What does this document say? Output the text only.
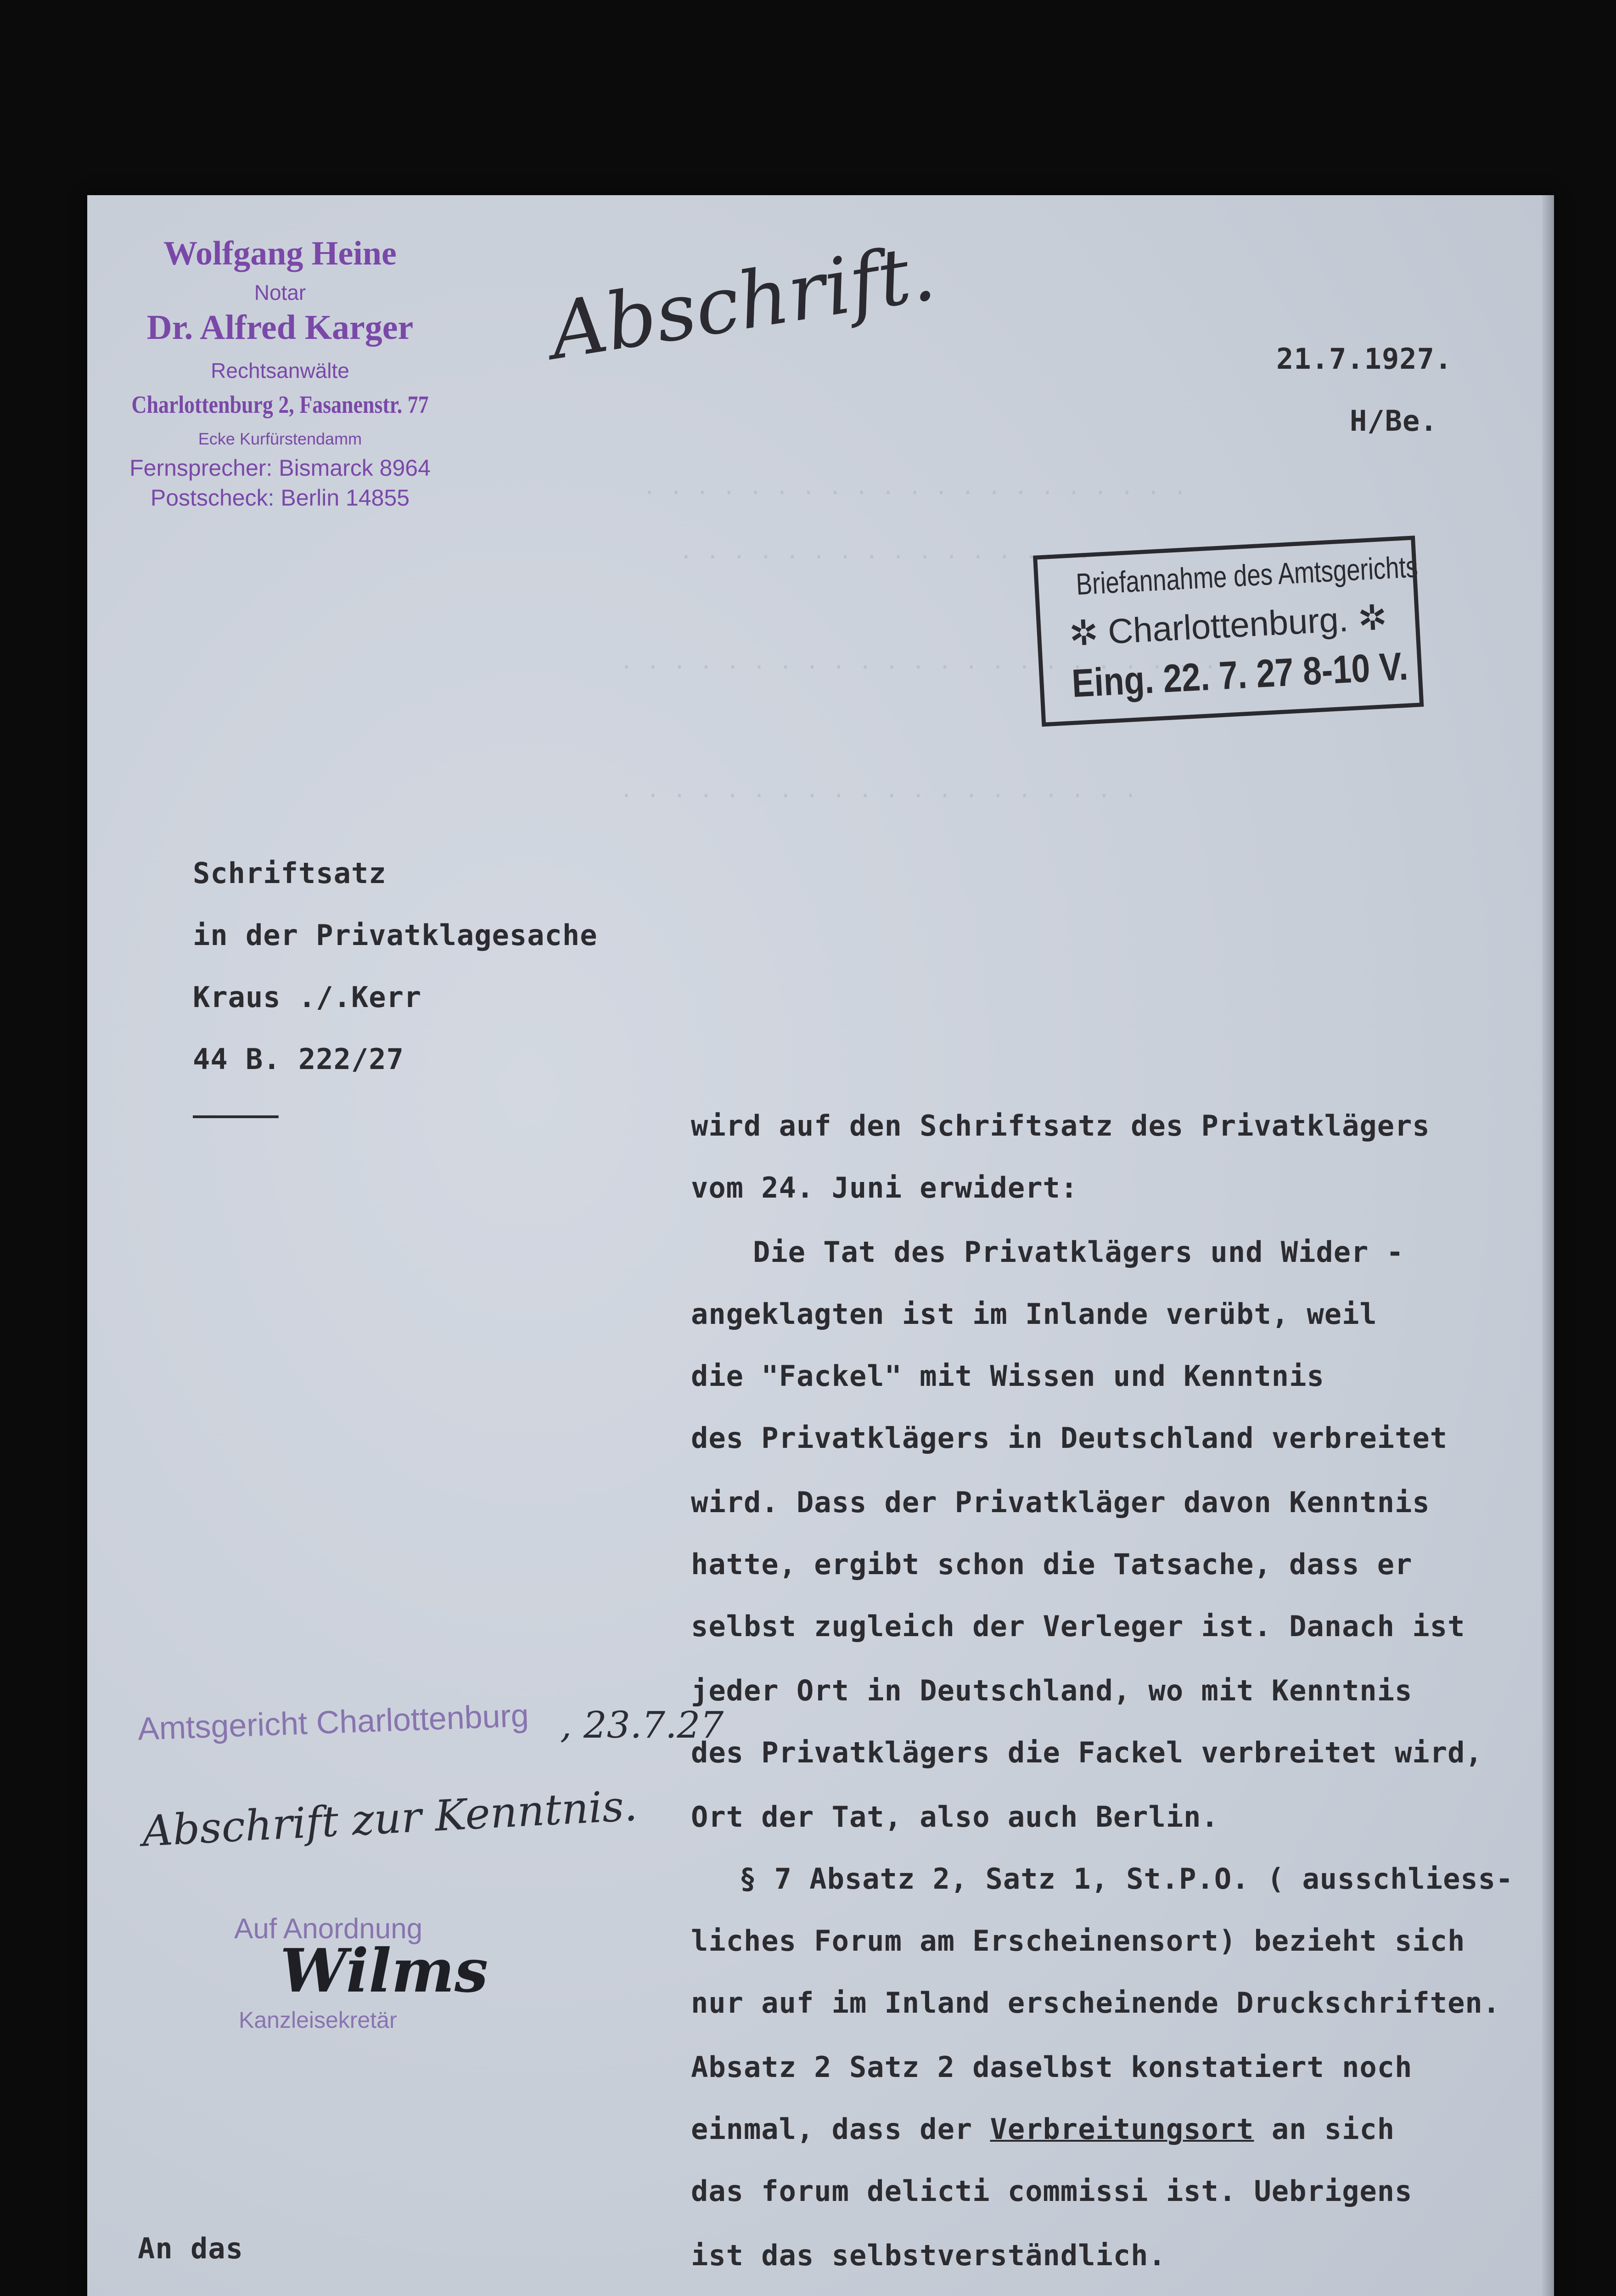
· · · · · · · · · · · · · · · · · · · · ·
· · · · · · · · · · · · · · · ·
· · · · · · · · · · · · · · · · · · · · · · ·
· · · · · · · · · · · · · · · · · · · ·
Wolfgang Heine
Notar
Dr. Alfred Karger
Rechtsanwälte
Charlottenburg 2, Fasanenstr. 77
Ecke Kurfürstendamm
Fernsprecher: Bismarck 8964
Postscheck: Berlin 14855
Abschrift.	21.7.1927.
H/Be.
Briefannahme des Amtsgerichts
✲ Charlottenburg. ✲
Eing. 22. 7. 27 8-10 V.
Schriftsatz
in der Privatklagesache
Kraus ./.Kerr
44 B. 222/27
———————	wird auf den Schriftsatz des Privatklägers
vom 24. Juni erwidert:
Die Tat des Privatklägers und Wider -
angeklagten ist im Inlande verübt, weil
die "Fackel" mit Wissen und Kenntnis
des Privatklägers in Deutschland verbreitet
wird. Dass der Privatkläger davon Kenntnis
hatte, ergibt schon die Tatsache, dass er
selbst zugleich der Verleger ist. Danach ist
jeder Ort in Deutschland, wo mit Kenntnis
des Privatklägers die Fackel verbreitet wird,
Ort der Tat, also auch Berlin.
§ 7 Absatz 2, Satz 1, St.P.O. ( ausschliess-
liches Forum am Erscheinensort) bezieht sich
nur auf im Inland erscheinende Druckschriften.
Absatz 2 Satz 2 daselbst konstatiert noch
einmal, dass der Verbreitungsort an sich
das forum delicti commissi ist. Uebrigens
ist das selbstverständlich.
Amtsgericht Charlottenburg , 23.7.27
Abschrift zur Kenntnis.
Auf Anordnung
Wilms
Kanzleisekretär
An das
